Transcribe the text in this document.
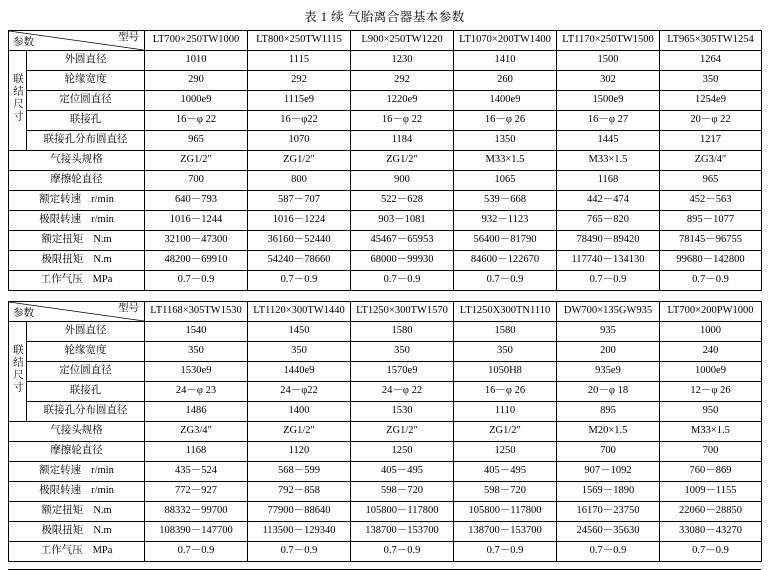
表 1 续 气胎离合器基本参数
参数 型号		LT700×250TW1000	LT800×250TW1115	L900×250TW1220	LT1070×200TW1400	LT1170×250TW1500	LT965×305TW1254
联结尺寸	外圆直径	1010	1115	1230	1410	1500	1264
	轮缘宽度	290	292	292	260	302	350
	定位圆直径	1000e9	1115e9	1220e9	1400e9	1500e9	1254e9
	联接孔	16－φ 22	16－φ22	16－φ 22	16－φ 26	16－φ 27	20－φ 22
	联接孔分布圆直径	965	1070	1184	1350	1445	1217
气接头规格		ZG1/2″	ZG1/2″	ZG1/2″	M33×1.5	M33×1.5	ZG3/4″
摩擦轮直径		700	800	900	1065	1168	965
额定转速 r/min		640－793	587－707	522－628	539－668	442－474	452－563
极限转速 r/min		1016－1244	1016－1224	903－1081	932－1123	765－820	895－1077
额定扭矩 N.m		32100－47300	36160－52440	45467－65953	56400－81790	78490－89420	78145－96755
极限扭矩 N.m		48200－69910	54240－78660	68000－99930	84600－122670	117740－134130	99680－142800
工作气压 MPa		0.7－0.9	0.7－0.9	0.7－0.9	0.7－0.9	0.7－0.9	0.7－0.9
参数 型号		LT1168×305TW1530	LT1120×300TW1440	LT1250×300TW1570	LT1250X300TN1110	DW700×135GW935	LT700×200PW1000
联结尺寸	外圆直径	1540	1450	1580	1580	935	1000
	轮缘宽度	350	350	350	350	200	240
	定位圆直径	1530e9	1440e9	1570e9	1050H8	935e9	1000e9
	联接孔	24－φ 23	24－φ22	24－φ 22	16－φ 26	20－φ 18	12－φ 26
	联接孔分布圆直径	1486	1400	1530	1110	895	950
气接头规格		ZG3/4″	ZG1/2″	ZG1/2″	ZG1/2″	M20×1.5	M33×1.5
摩擦轮直径		1168	1120	1250	1250	700	700
额定转速 r/min		435－524	568－599	405－495	405－495	907－1092	760－869
极限转速 r/min		772－927	792－858	598－720	598－720	1569－1890	1009－1155
额定扭矩 N.m		88332－99700	77900－88640	105800－117800	105800－117800	16170－23750	22060－28850
极限扭矩 N.m		108390－147700	113500－129340	138700－153700	138700－153700	24560－35630	33080－43270
工作气压 MPa		0.7－0.9	0.7－0.9	0.7－0.9	0.7－0.9	0.7－0.9	0.7－0.9
